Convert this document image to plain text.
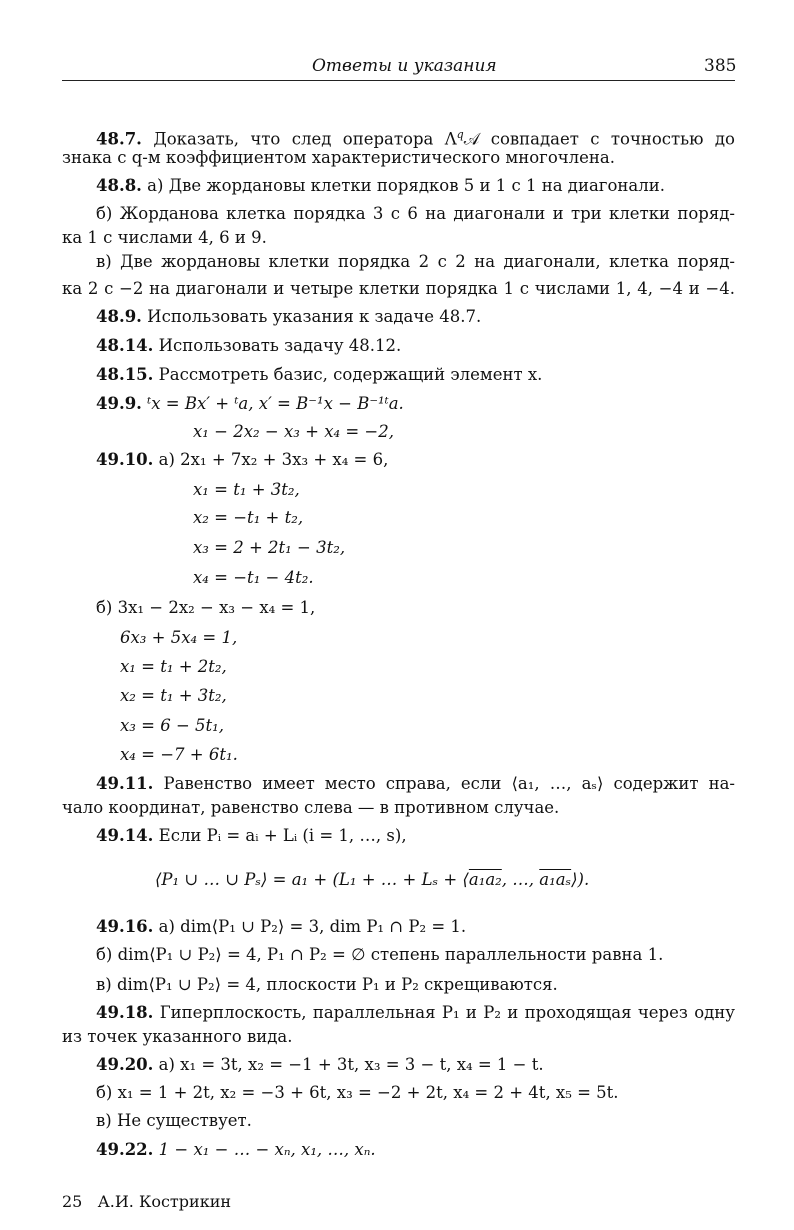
Ответы и указания	385
48.7. Доказать, что след оператора $\Lambda^q𝒜$ совпадает с точностью до
знака с q-м коэффициентом характеристического многочлена.
48.8. а) Две жордановы клетки порядков 5 и 1 с 1 на диагонали.
б) Жорданова клетка порядка 3 с 6 на диагонали и три клетки поряд-
ка 1 с числами 4, 6 и 9.
в) Две жордановы клетки порядка 2 с 2 на диагонали, клетка поряд-
ка 2 с −2 на диагонали и четыре клетки порядка 1 с числами 1, 4, −4 и −4.
48.9. Использовать указания к задаче 48.7.
48.14. Использовать задачу 48.12.
48.15. Рассмотреть базис, содержащий элемент x.
49.9. ᵗx = Bx′ + ᵗa, x′ = B⁻¹x − B⁻¹ᵗa.
x₁ − 2x₂ − x₃ + x₄ = −2,
49.10. а) 2x₁ + 7x₂ + 3x₃ + x₄ = 6,
x₁ = t₁ + 3t₂,
x₂ = −t₁ + t₂,
x₃ = 2 + 2t₁ − 3t₂,
x₄ = −t₁ − 4t₂.
б) 3x₁ − 2x₂ − x₃ − x₄ = 1,
6x₃ + 5x₄ = 1,
x₁ = t₁ + 2t₂,
x₂ = t₁ + 3t₂,
x₃ = 6 − 5t₁,
x₄ = −7 + 6t₁.
49.11. Равенство имеет место справа, если ⟨a₁, …, aₛ⟩ содержит на-
чало координат, равенство слева — в противном случае.
49.14. Если Pᵢ = aᵢ + Lᵢ (i = 1, …, s),
⟨P₁ ∪ … ∪ Pₛ⟩ = a₁ + (L₁ + … + Lₛ + ⟨a₁a₂, …, a₁aₛ⟩).
49.16. а) dim⟨P₁ ∪ P₂⟩ = 3, dim P₁ ∩ P₂ = 1.
б) dim⟨P₁ ∪ P₂⟩ = 4, P₁ ∩ P₂ = ∅ степень параллельности равна 1.
в) dim⟨P₁ ∪ P₂⟩ = 4, плоскости P₁ и P₂ скрещиваются.
49.18. Гиперплоскость, параллельная P₁ и P₂ и проходящая через одну
из точек указанного вида.
49.20. а) x₁ = 3t, x₂ = −1 + 3t, x₃ = 3 − t, x₄ = 1 − t.
б) x₁ = 1 + 2t, x₂ = −3 + 6t, x₃ = −2 + 2t, x₄ = 2 + 4t, x₅ = 5t.
в) Не существует.
49.22. 1 − x₁ − … − xₙ, x₁, …, xₙ.
25 А.И. Кострикин
